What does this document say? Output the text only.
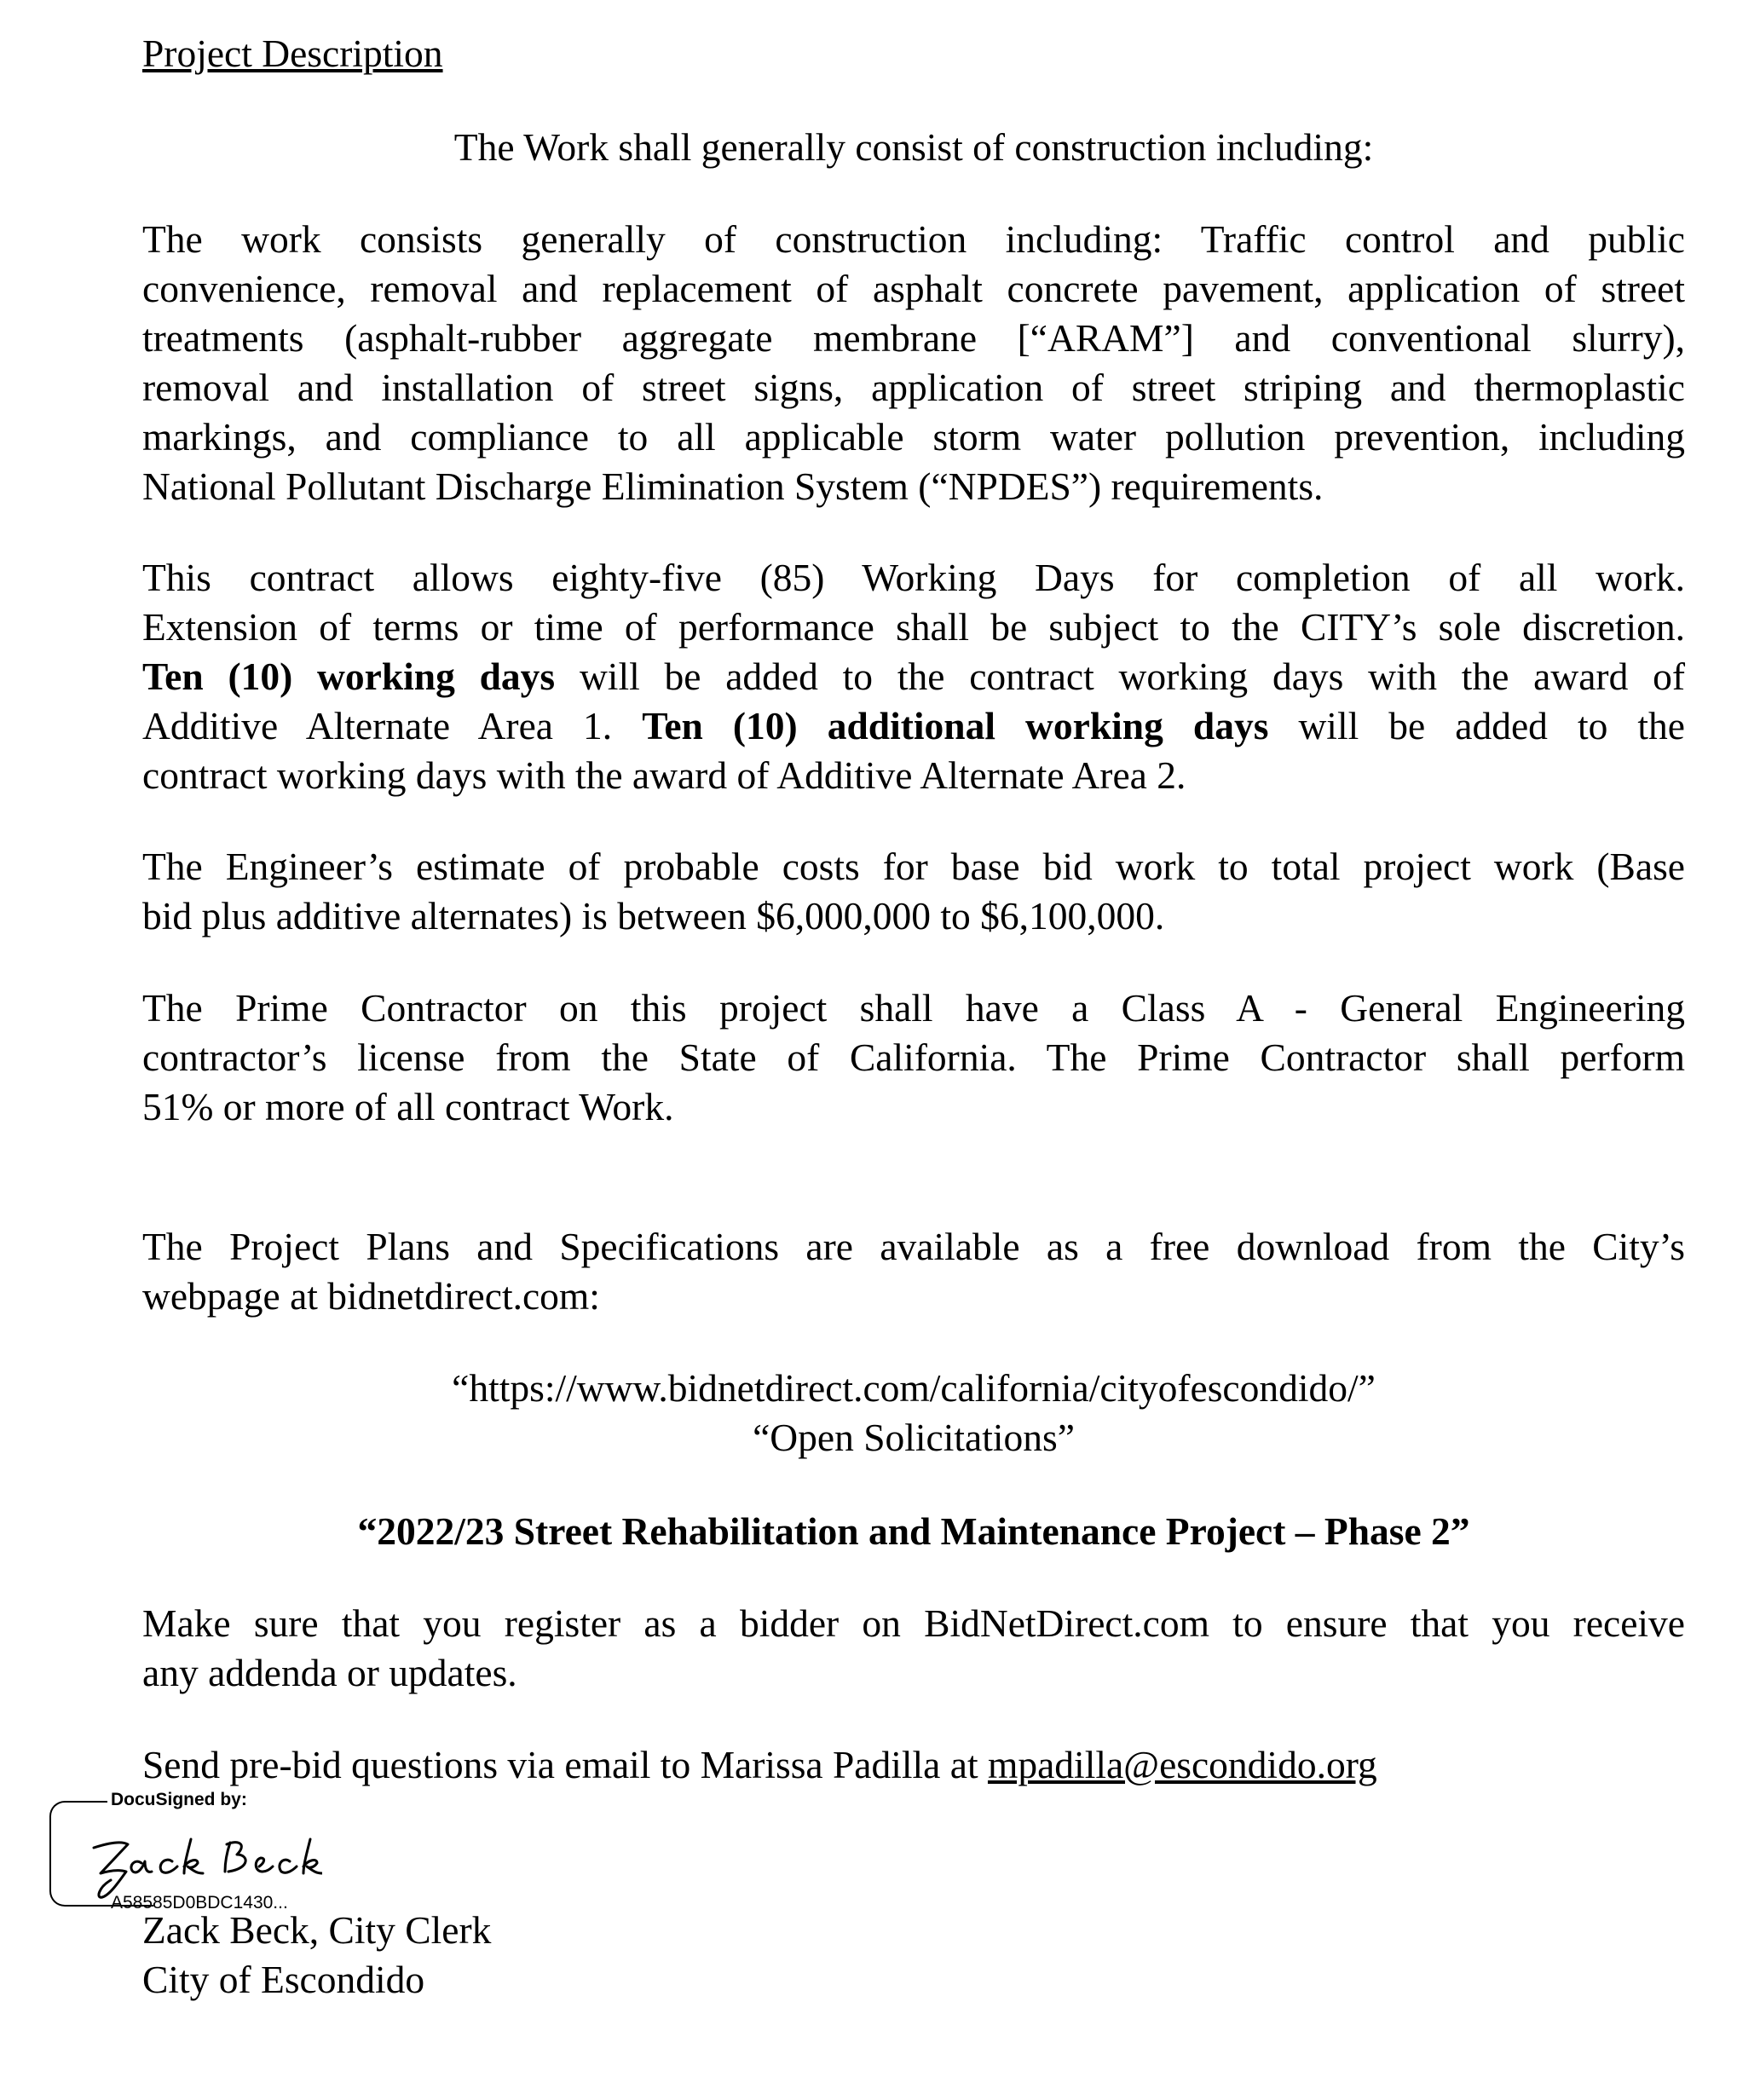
Project Description
The Work shall generally consist of construction including:
The work consists generally of construction including: Traffic control and public
convenience, removal and replacement of asphalt concrete pavement, application of street
treatments (asphalt-rubber aggregate membrane [“ARAM”] and conventional slurry),
removal and installation of street signs, application of street striping and thermoplastic
markings, and compliance to all applicable storm water pollution prevention, including
National Pollutant Discharge Elimination System (“NPDES”) requirements.
This contract allows eighty-five (85) Working Days for completion of all work.
Extension of terms or time of performance shall be subject to the CITY’s sole discretion.
Ten (10) working days will be added to the contract working days with the award of
Additive Alternate Area 1. Ten (10) additional working days will be added to the
contract working days with the award of Additive Alternate Area 2.
The Engineer’s estimate of probable costs for base bid work to total project work (Base
bid plus additive alternates) is between $6,000,000 to $6,100,000.
The Prime Contractor on this project shall have a Class A - General Engineering
contractor’s license from the State of California. The Prime Contractor shall perform
51% or more of all contract Work.
The Project Plans and Specifications are available as a free download from the City’s
webpage at bidnetdirect.com:
“https://www.bidnetdirect.com/california/cityofescondido/”
“Open Solicitations”
“2022/23 Street Rehabilitation and Maintenance Project – Phase 2”
Make sure that you register as a bidder on BidNetDirect.com to ensure that you receive
any addenda or updates.
Send pre-bid questions via email to Marissa Padilla at mpadilla@escondido.org
DocuSigned by:
A58585D0BDC1430...
Zack Beck, City Clerk
City of Escondido
